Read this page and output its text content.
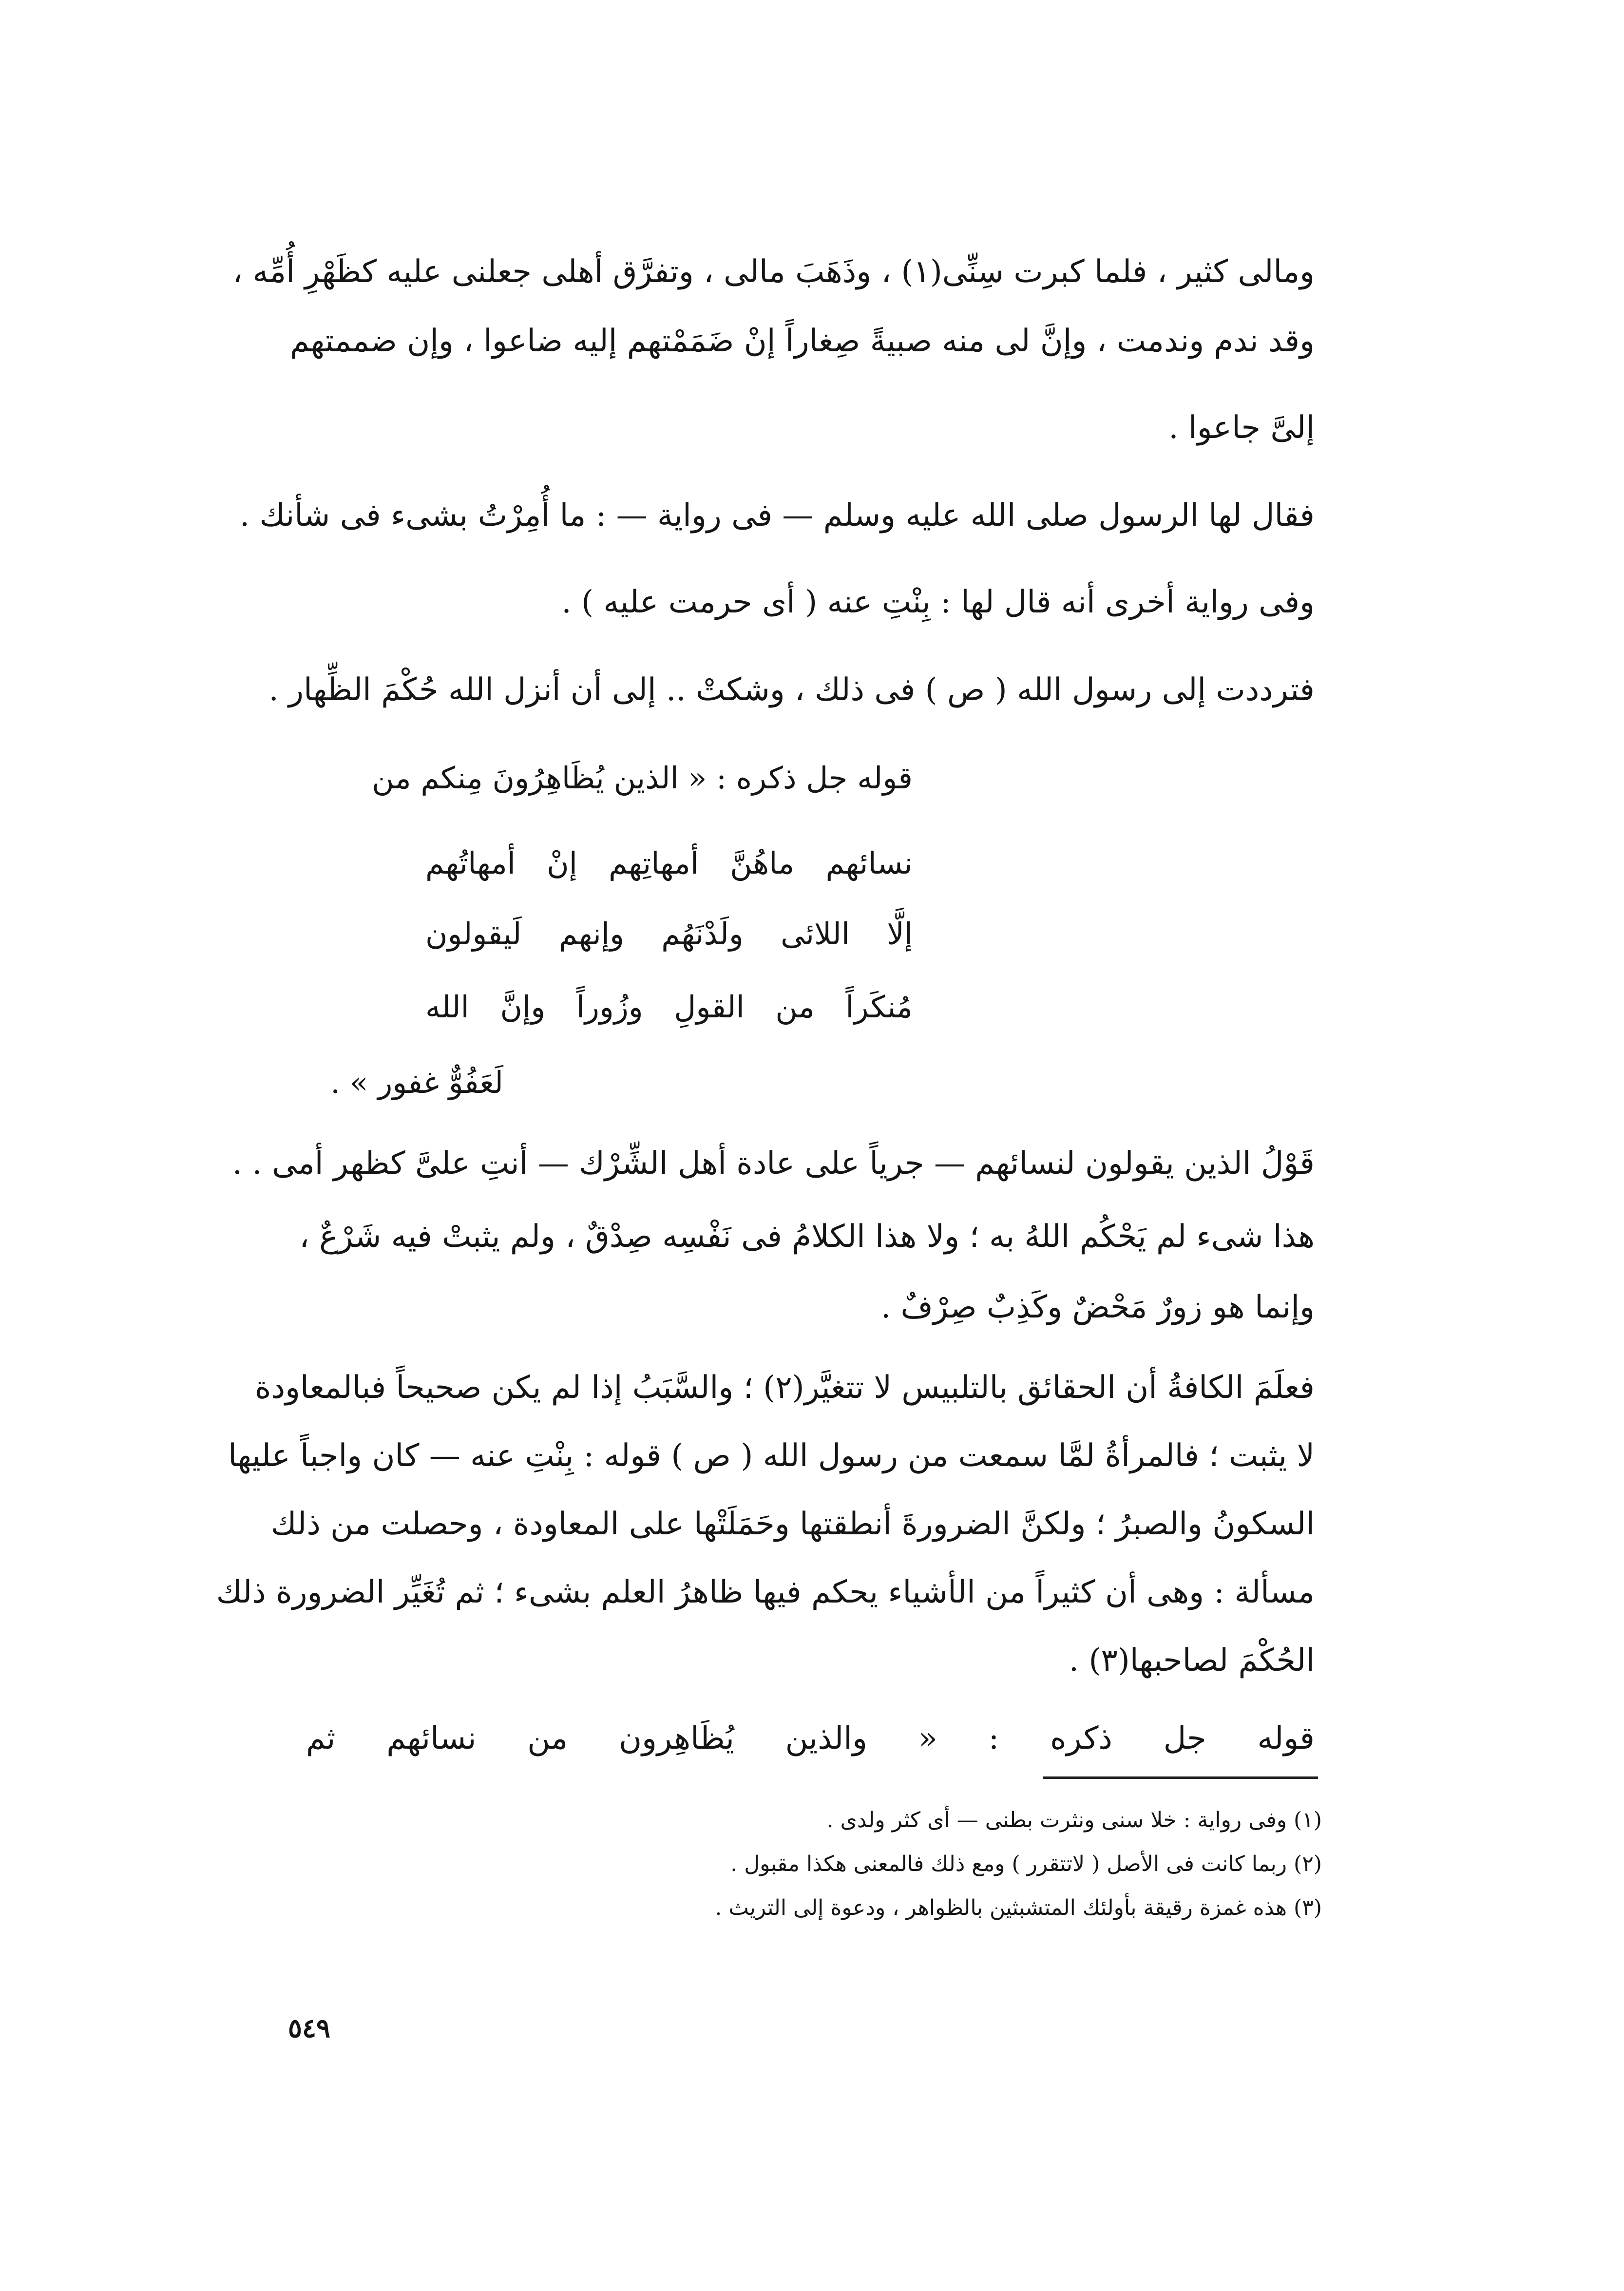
ومالى كثير ، فلما كبرت سِنِّى(١) ، وذَهَبَ مالى ، وتفرَّق أهلى جعلنى عليه كظَهْرِ أُمِّه ،
وقد ندم وندمت ، وإنَّ لى منه صبيةً صِغاراً إنْ ضَمَمْتهم إليه ضاعوا ، وإن ضممتهم
إلىَّ جاعوا .
فقال لها الرسول صلى الله عليه وسلم — فى رواية — : ما أُمِرْتُ بشىء فى شأنك .
وفى رواية أخرى أنه قال لها : بِنْتِ عنه ( أى حرمت عليه ) .
فترددت إلى رسول الله ( ص ) فى ذلك ، وشكتْ .. إلى أن أنزل الله حُكْمَ الظِّهار .
قوله جل ذكره : « الذين يُظَاهِرُونَ مِنكم من
نسائهم ماهُنَّ أمهاتِهم إنْ أمهاتُهم
إلَّا اللائى ولَدْنَهُم وإنهم لَيقولون
مُنكَراً من القولِ وزُوراً وإنَّ الله
لَعَفُوٌّ غفور » .
قَوْلُ الذين يقولون لنسائهم — جرياً على عادة أهل الشِّرْك — أنتِ علىَّ كظهر أمى . .
هذا شىء لم يَحْكُم اللهُ به ؛ ولا هذا الكلامُ فى نَفْسِه صِدْقٌ ، ولم يثبتْ فيه شَرْعٌ ،
وإنما هو زورٌ مَحْضٌ وكَذِبٌ صِرْفٌ .
فعلَمَ الكافةُ أن الحقائق بالتلبيس لا تتغيَّر(٢) ؛ والسَّبَبُ إذا لم يكن صحيحاً فبالمعاودة
لا يثبت ؛ فالمرأةُ لمَّا سمعت من رسول الله ( ص ) قوله : بِنْتِ عنه — كان واجباً عليها
السكونُ والصبرُ ؛ ولكنَّ الضرورةَ أنطقتها وحَمَلَتْها على المعاودة ، وحصلت من ذلك
مسألة : وهى أن كثيراً من الأشياء يحكم فيها ظاهرُ العلم بشىء ؛ ثم تُغَيِّر الضرورة ذلك
الحُكْمَ لصاحبها(٣) .
قوله جل ذكره : « والذين يُظَاهِرون من نسائهم ثم
(١) وفى رواية : خلا سنى ونثرت بطنى — أى كثر ولدى .
(٢) ربما كانت فى الأصل ( لاتتقرر ) ومع ذلك فالمعنى هكذا مقبول .
(٣) هذه غمزة رقيقة بأولئك المتشبثين بالظواهر ، ودعوة إلى التريث .
٥٤٩
